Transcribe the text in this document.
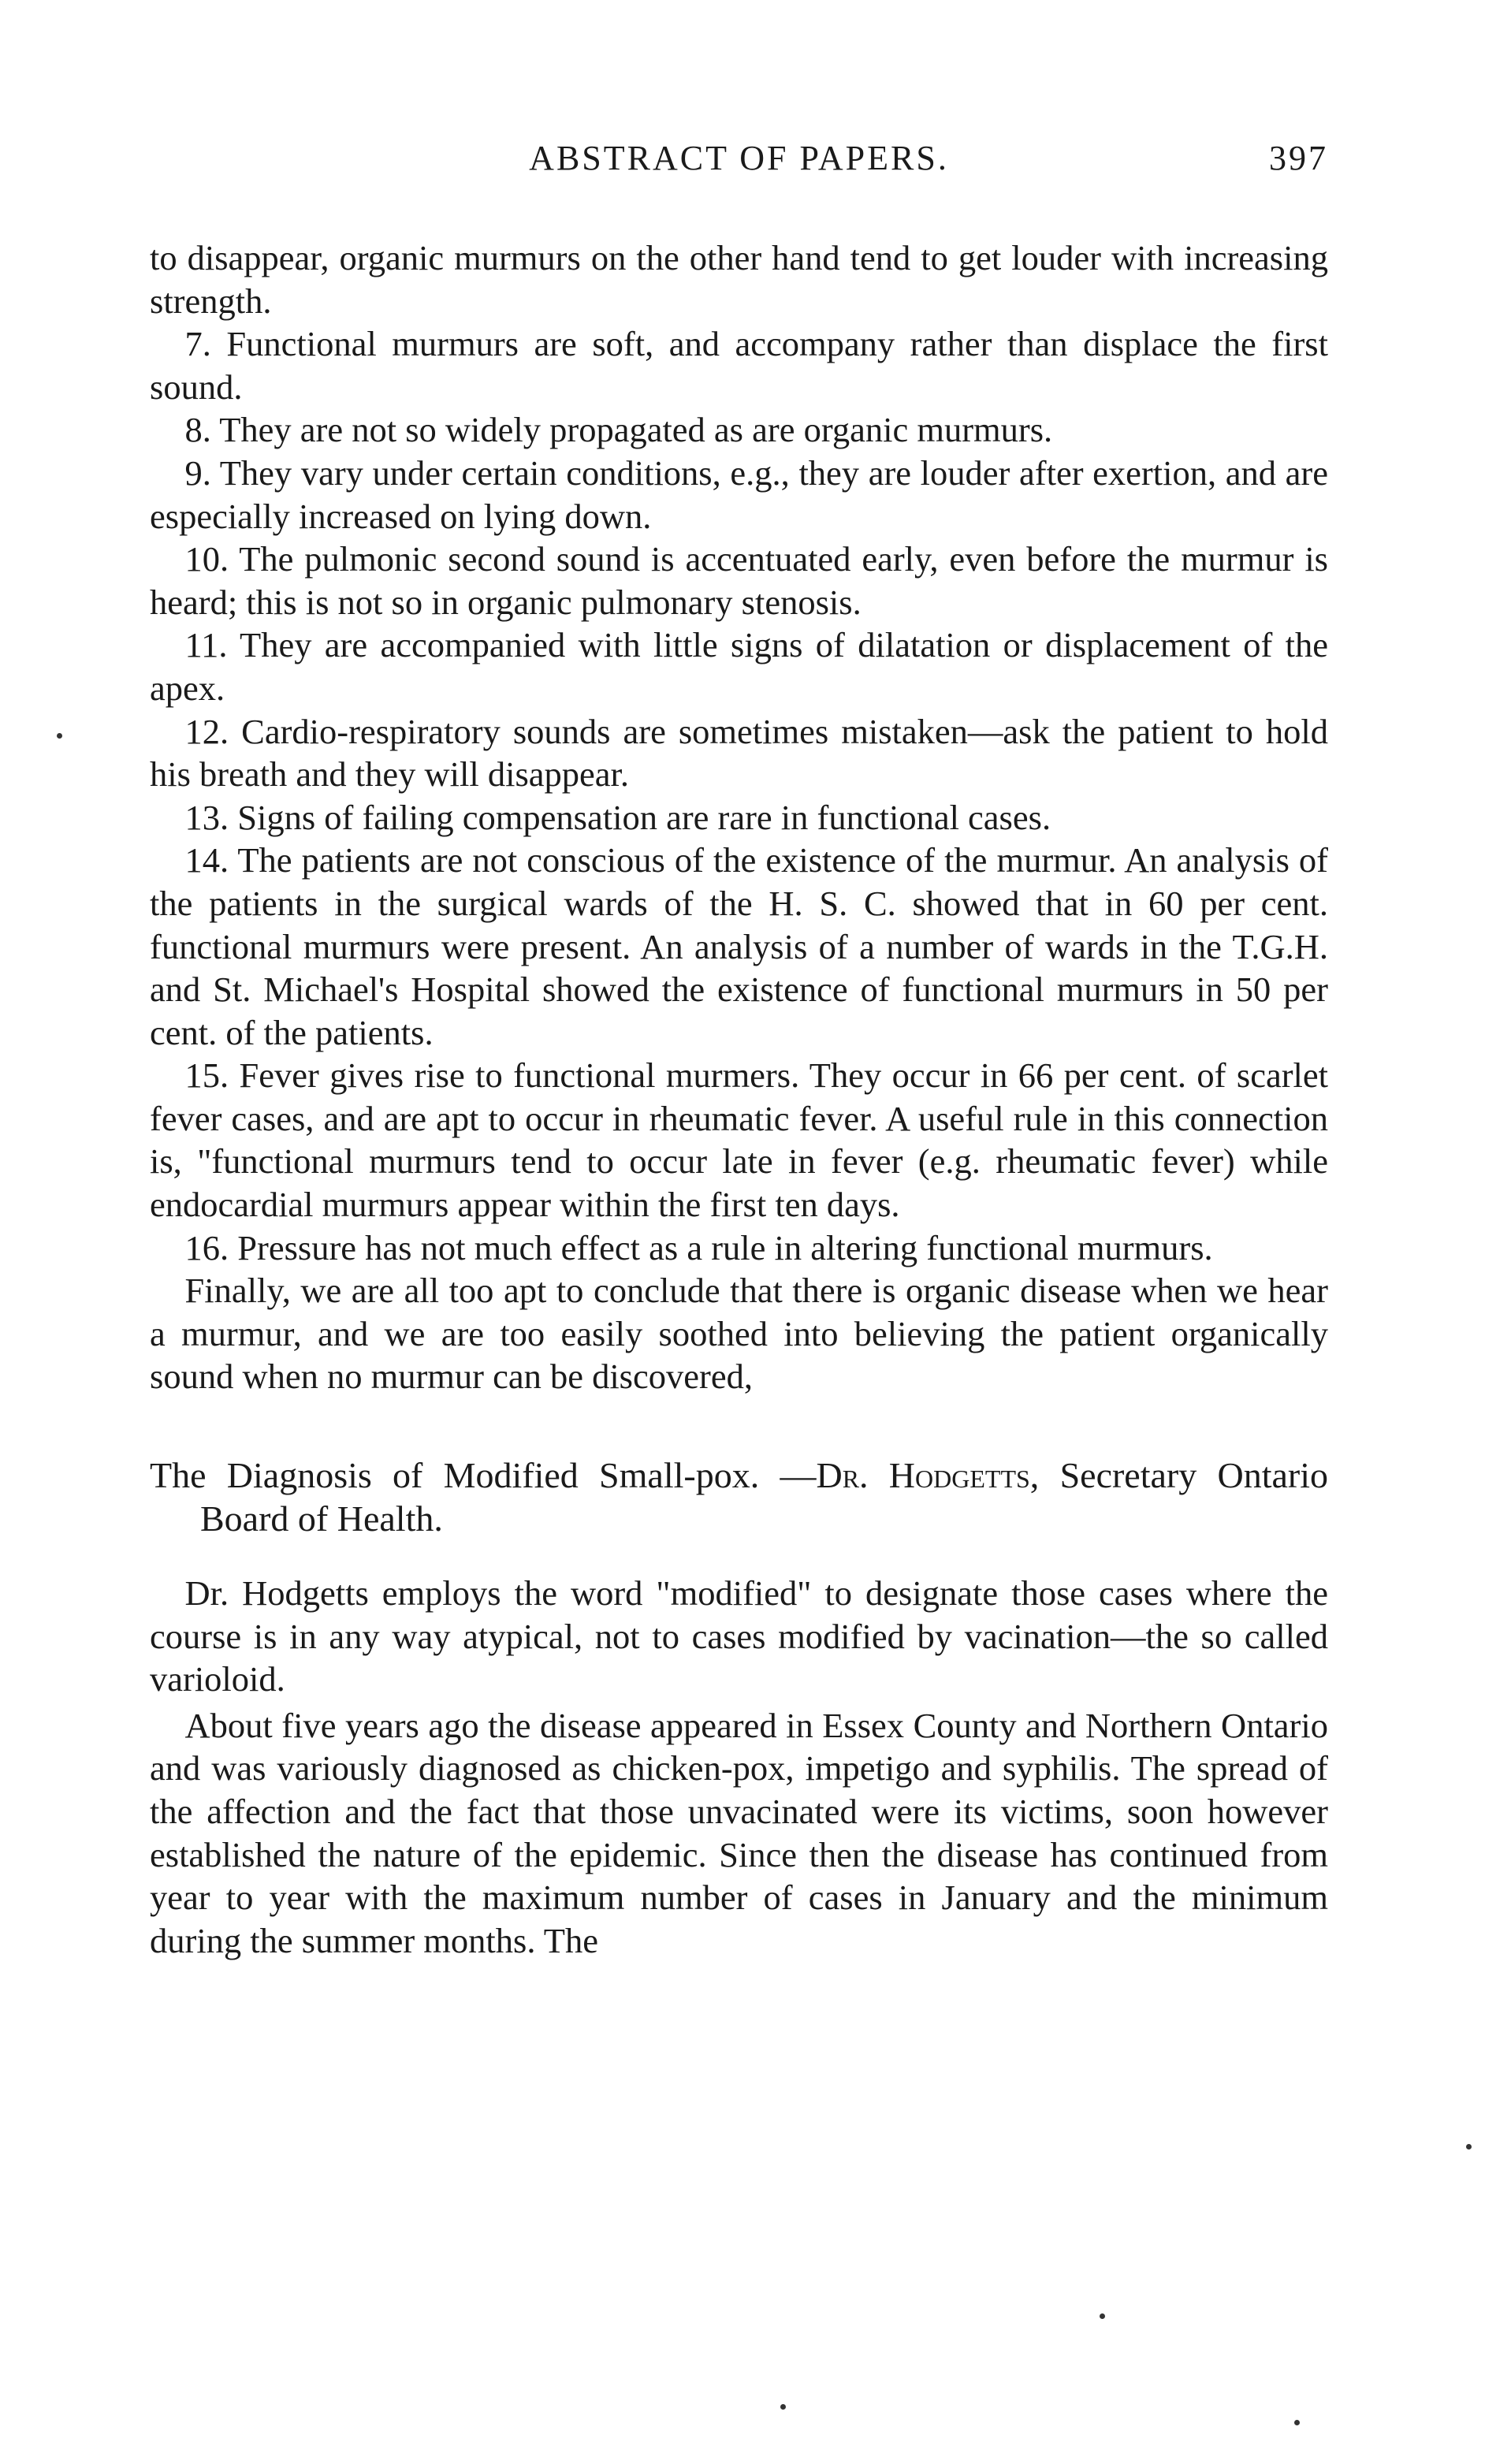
ABSTRACT OF PAPERS.	397

to disappear, organic murmurs on the other hand tend to get louder with increasing strength.

7. Functional murmurs are soft, and accompany rather than displace the first sound.

8. They are not so widely propagated as are organic murmurs.

9. They vary under certain conditions, e.g., they are louder after exertion, and are especially increased on lying down.

10. The pulmonic second sound is accentuated early, even before the murmur is heard; this is not so in organic pulmonary stenosis.

11. They are accompanied with little signs of dilatation or displacement of the apex.

12. Cardio-respiratory sounds are sometimes mistaken—ask the patient to hold his breath and they will disappear.

13. Signs of failing compensation are rare in functional cases.

14. The patients are not conscious of the existence of the murmur. An analysis of the patients in the surgical wards of the H. S. C. showed that in 60 per cent. functional murmurs were present. An analysis of a number of wards in the T.G.H. and St. Michael's Hospital showed the existence of functional murmurs in 50 per cent. of the patients.

15. Fever gives rise to functional murmers. They occur in 66 per cent. of scarlet fever cases, and are apt to occur in rheumatic fever. A useful rule in this connection is, "functional murmurs tend to occur late in fever (e.g. rheumatic fever) while endocardial murmurs appear within the first ten days.

16. Pressure has not much effect as a rule in altering functional murmurs.

Finally, we are all too apt to conclude that there is organic disease when we hear a murmur, and we are too easily soothed into believing the patient organically sound when no murmur can be discovered,

The Diagnosis of Modified Small-pox. —Dr. Hodgetts, Secretary Ontario Board of Health.

Dr. Hodgetts employs the word "modified" to designate those cases where the course is in any way atypical, not to cases modified by vacination—the so called varioloid.

About five years ago the disease appeared in Essex County and Northern Ontario and was variously diagnosed as chicken-pox, impetigo and syphilis. The spread of the affection and the fact that those unvacinated were its victims, soon however established the nature of the epidemic. Since then the disease has continued from year to year with the maximum number of cases in January and the minimum during the summer months. The
